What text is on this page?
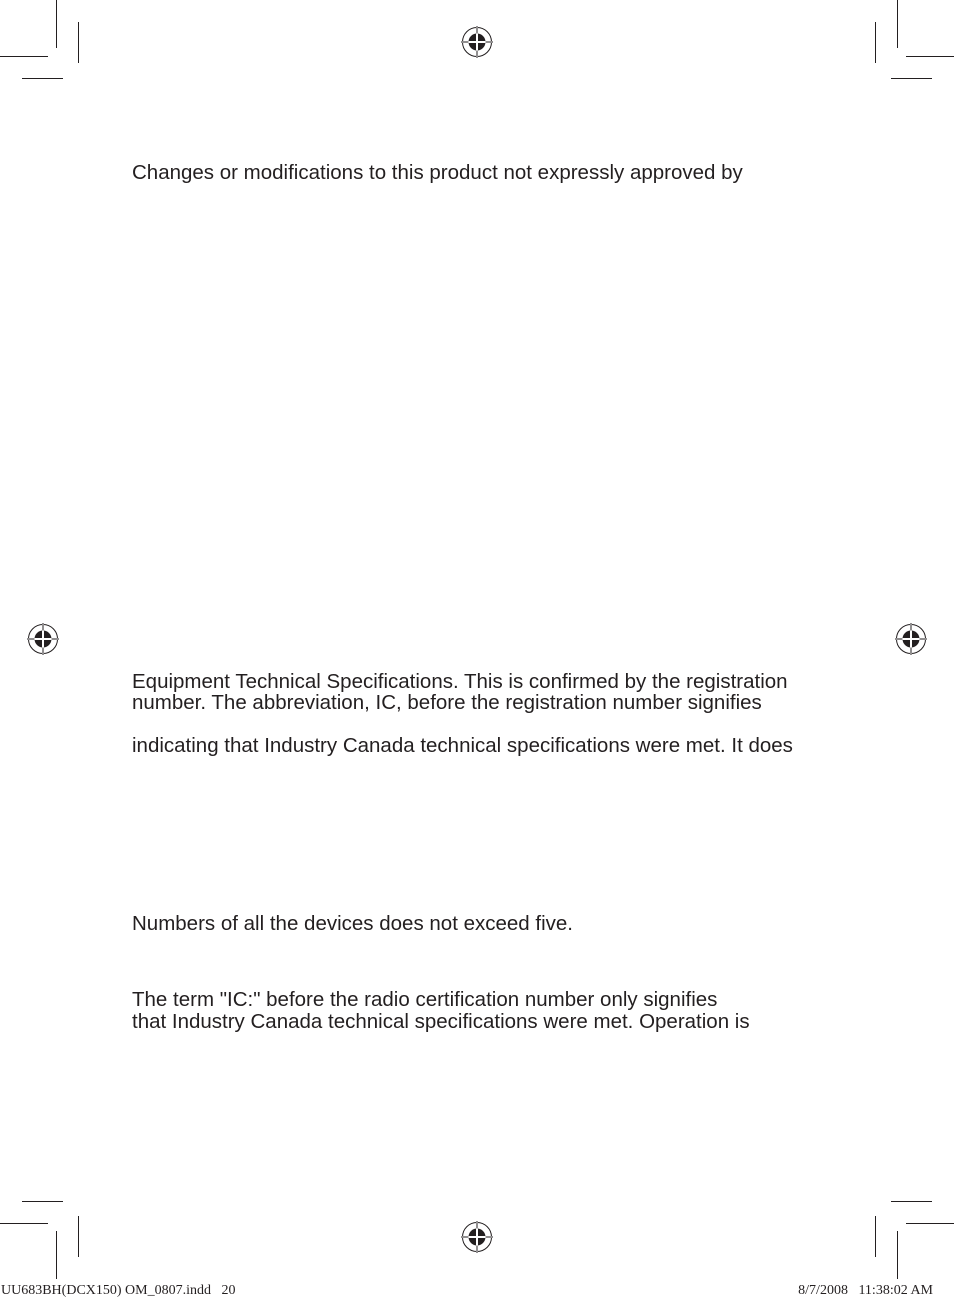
Changes or modifications to this product not expressly approved by
Equipment Technical Specifications. This is confirmed by the registration
number. The abbreviation, IC, before the registration number signifies
indicating that Industry Canada technical specifications were met. It does
Numbers of all the devices does not exceed five.
The term "IC:" before the radio certification number only signifies
that Industry Canada technical specifications were met. Operation is
UU683BH(DCX150) OM_0807.indd   20	8/7/2008   11:38:02 AM
